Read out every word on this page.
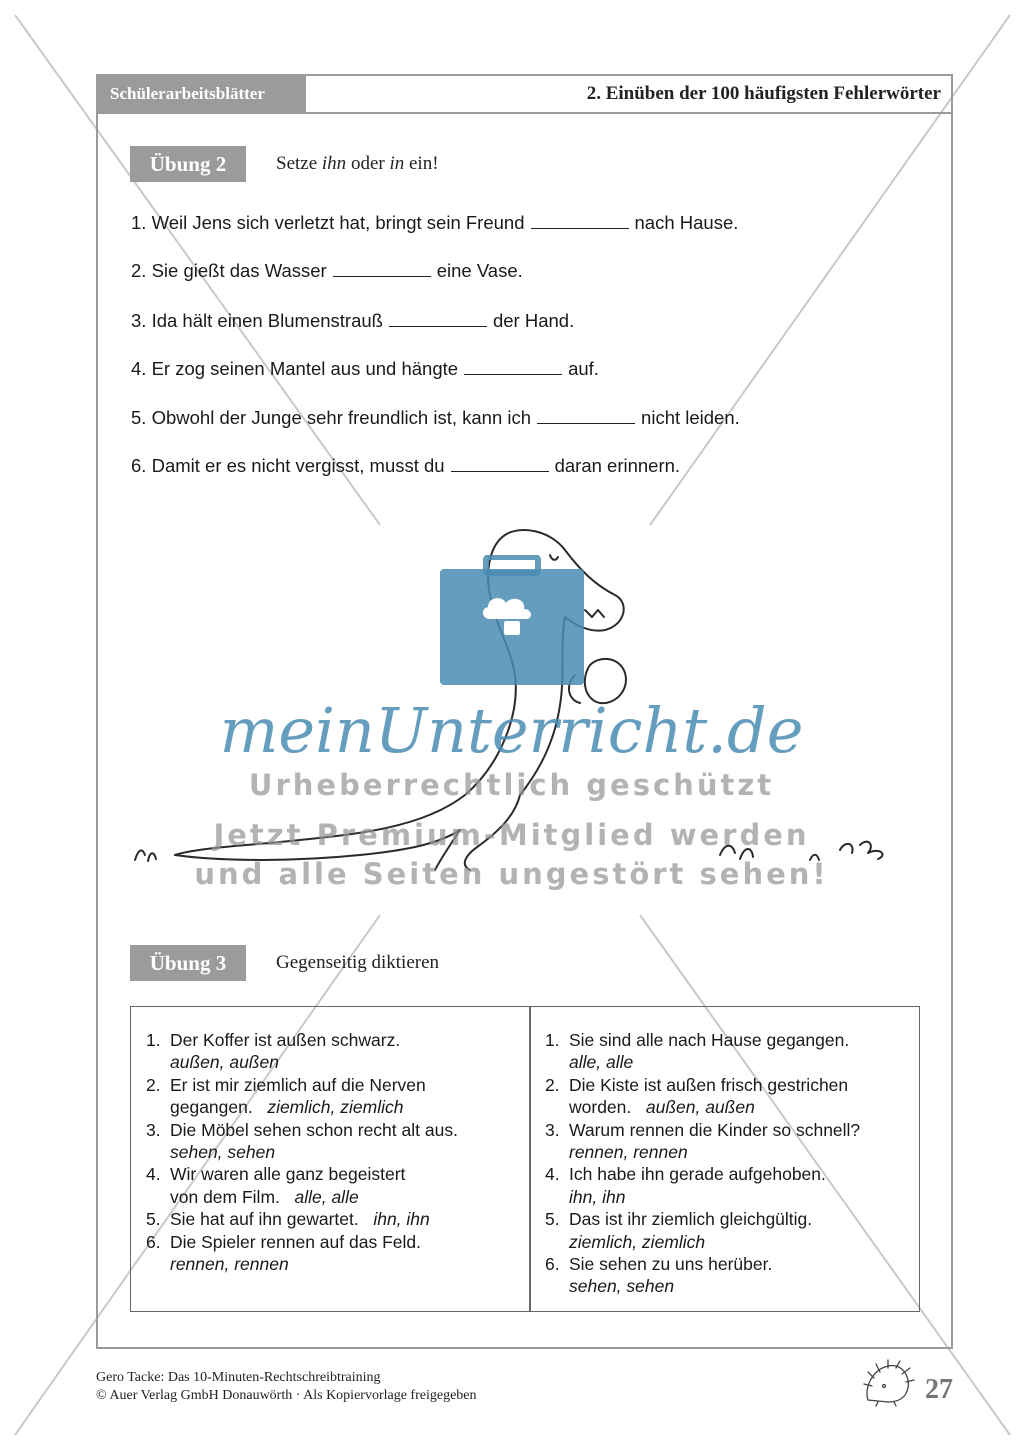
Schülerarbeitsblätter	2. Einüben der 100 häufigsten Fehlerwörter
Übung 2	Setze ihn oder in ein!
1. Weil Jens sich verletzt hat, bringt sein Freund	nach Hause.
2. Sie gießt das Wasser	eine Vase.
3. Ida hält einen Blumenstrauß	der Hand.
4. Er zog seinen Mantel aus und hängte	auf.
5. Obwohl der Junge sehr freundlich ist, kann ich	nicht leiden.
6. Damit er es nicht vergisst, musst du	daran erinnern.
meinUnterricht.de
Urheberrechtlich geschützt
Jetzt Premium-Mitglied werden
und alle Seiten ungestört sehen!
Übung 3	Gegenseitig diktieren
1. Der Koffer ist außen schwarz.
außen, außen
2. Er ist mir ziemlich auf die Nerven
gegangen.   ziemlich, ziemlich
3. Die Möbel sehen schon recht alt aus.
sehen, sehen
4. Wir waren alle ganz begeistert
von dem Film.   alle, alle
5. Sie hat auf ihn gewartet. ihn, ihn
6. Die Spieler rennen auf das Feld.
rennen, rennen
1. Sie sind alle nach Hause gegangen.
alle, alle
2. Die Kiste ist außen frisch gestrichen
worden.   außen, außen
3. Warum rennen die Kinder so schnell?
rennen, rennen
4. Ich habe ihn gerade aufgehoben.
ihn, ihn
5. Das ist ihr ziemlich gleichgültig.
ziemlich, ziemlich
6. Sie sehen zu uns herüber.
sehen, sehen
Gero Tacke: Das 10-Minuten-Rechtschreibtraining
© Auer Verlag GmbH Donauwörth · Als Kopiervorlage freigegeben	27
